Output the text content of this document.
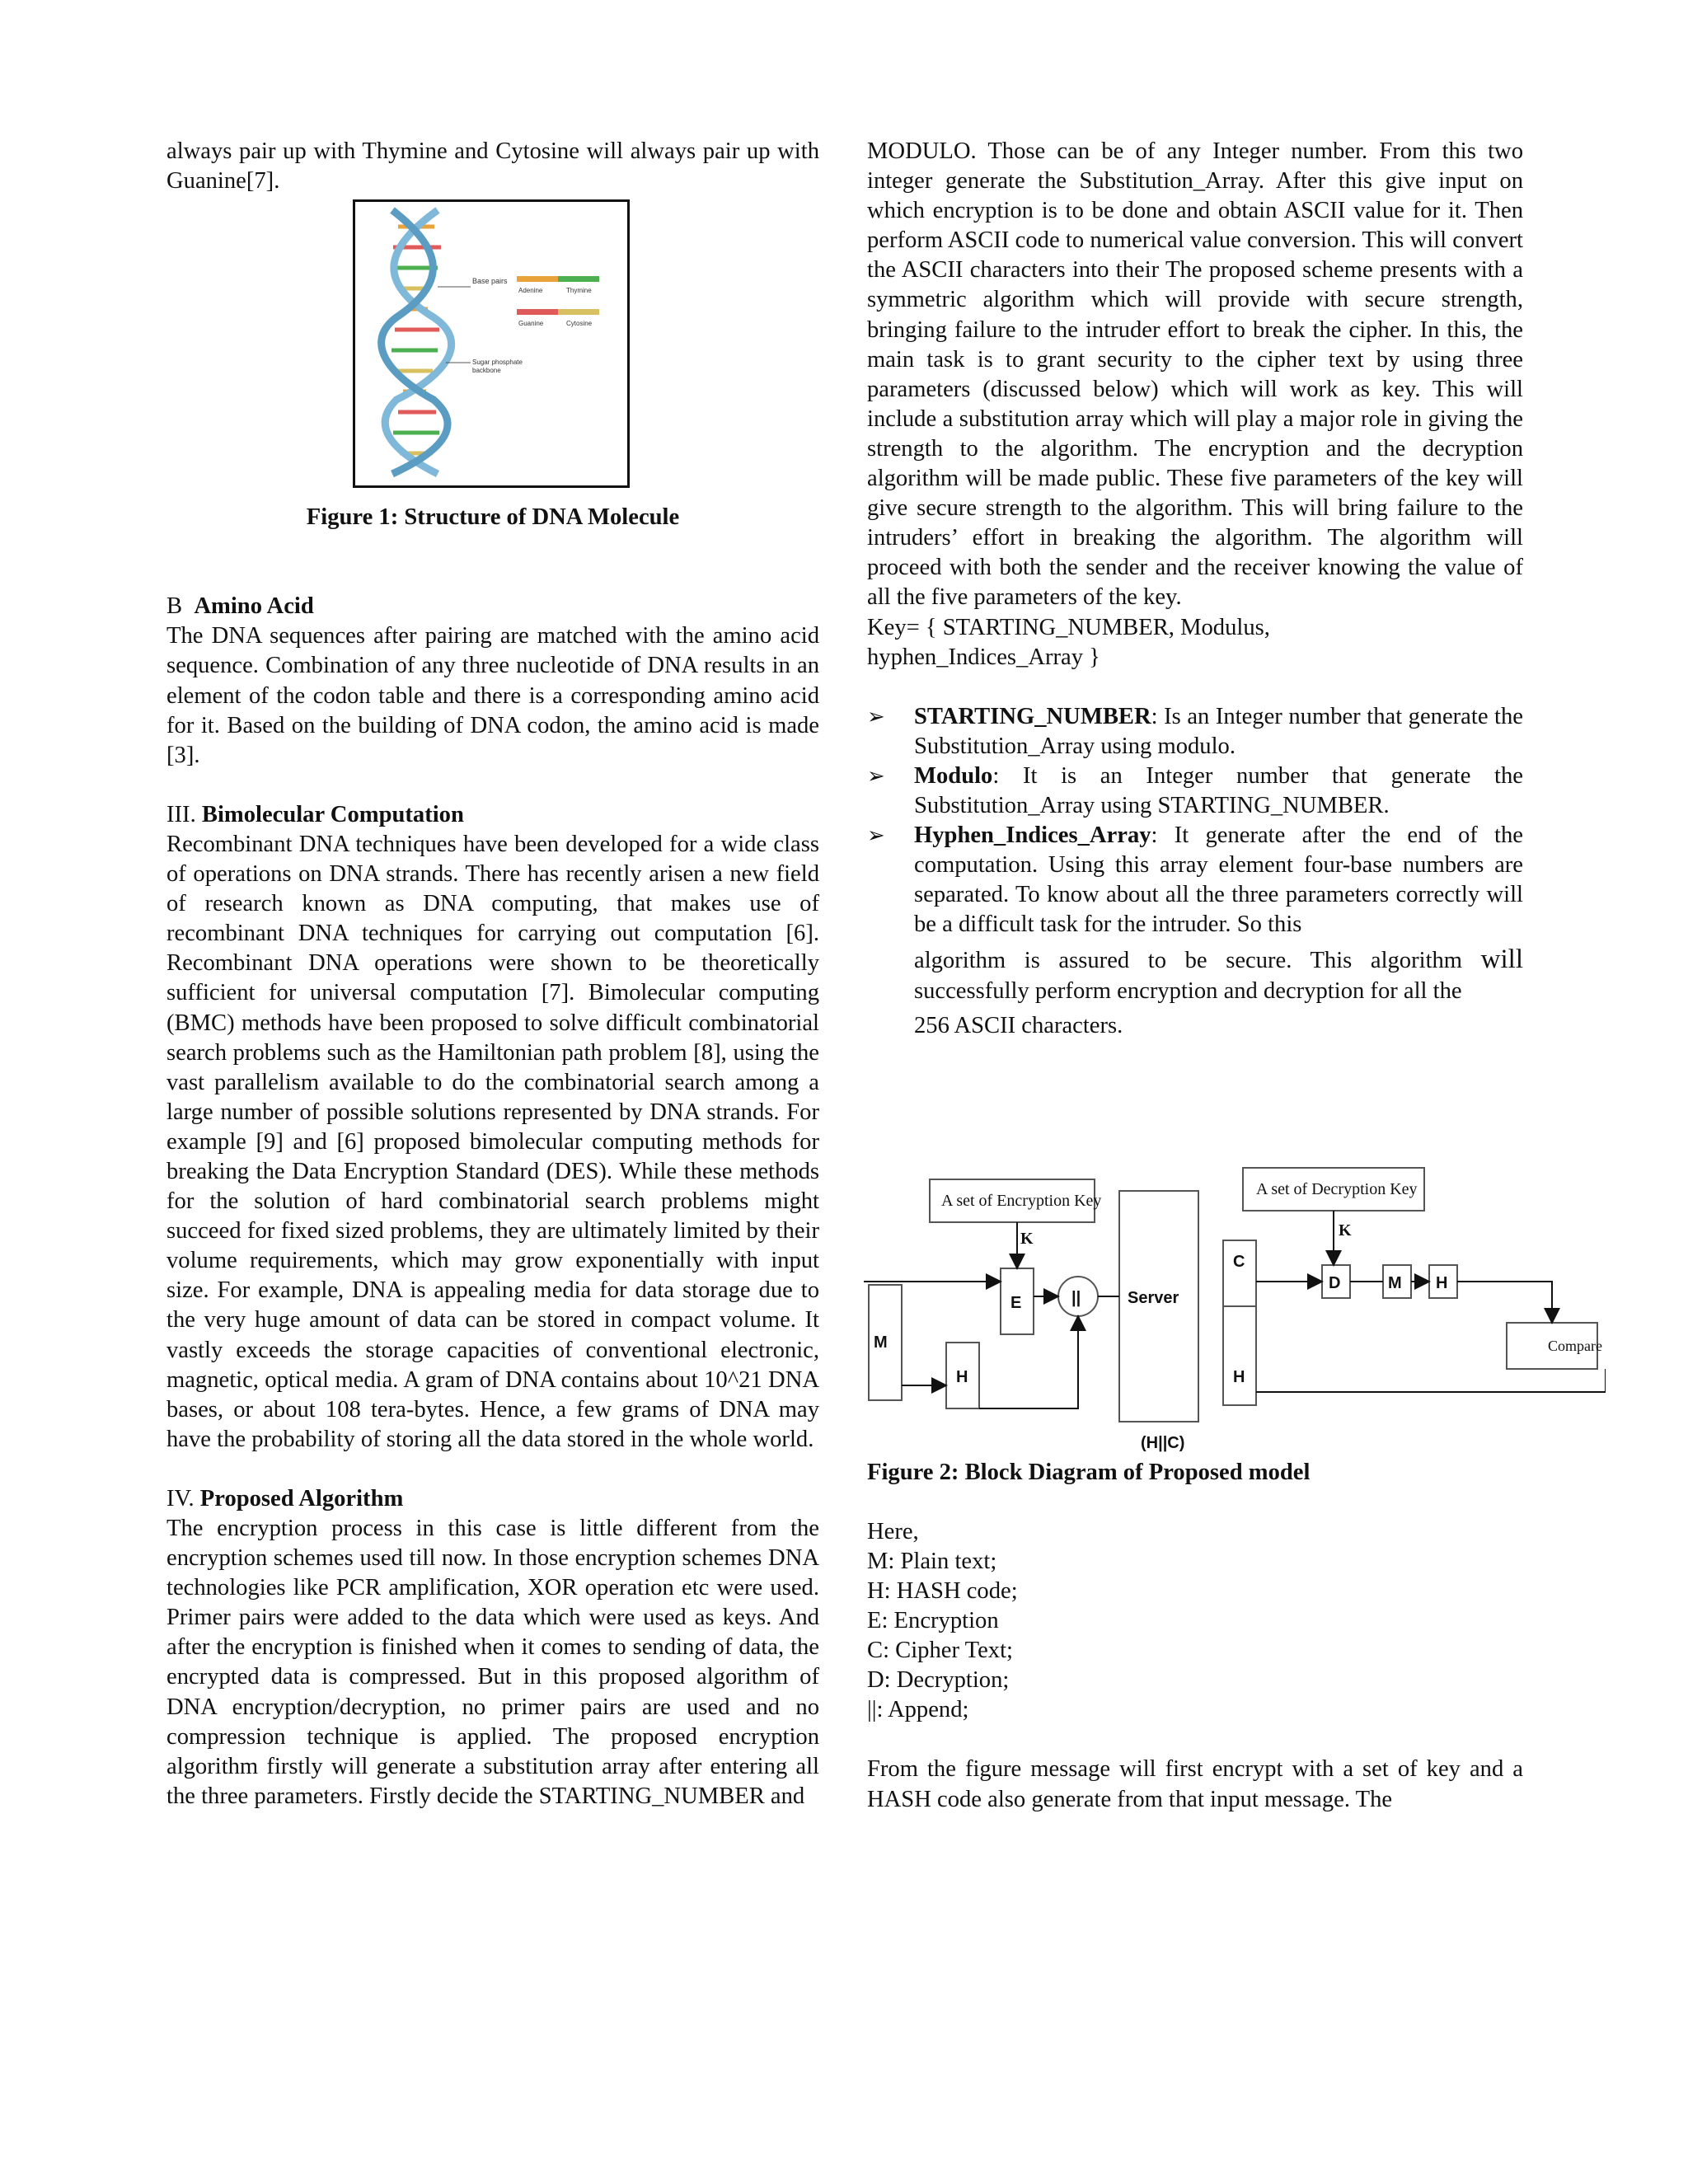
always pair up with Thymine and Cytosine will always pair up with Guanine[7].

Base pairs
Adenine	Thymine
Guanine	Cytosine
Sugar phosphate
backbone

Figure 1: Structure of DNA Molecule

B Amino Acid

The DNA sequences after pairing are matched with the amino acid sequence. Combination of any three nucleotide of DNA results in an element of the codon table and there is a corresponding amino acid for it. Based on the building of DNA codon, the amino acid is made [3].

III. Bimolecular Computation

Recombinant DNA techniques have been developed for a wide class of operations on DNA strands. There has recently arisen a new field of research known as DNA computing, that makes use of recombinant DNA techniques for carrying out computation [6]. Recombinant DNA operations were shown to be theoretically sufficient for universal computation [7]. Bimolecular computing (BMC) methods have been proposed to solve difficult combinatorial search problems such as the Hamiltonian path problem [8], using the vast parallelism available to do the combinatorial search among a large number of possible solutions represented by DNA strands. For example [9] and [6] proposed bimolecular computing methods for breaking the Data Encryption Standard (DES). While these methods for the solution of hard combinatorial search problems might succeed for fixed sized problems, they are ultimately limited by their volume requirements, which may grow exponentially with input size. For example, DNA is appealing media for data storage due to the very huge amount of data can be stored in compact volume. It vastly exceeds the storage capacities of conventional electronic, magnetic, optical media. A gram of DNA contains about 10^21 DNA bases, or about 108 tera-bytes. Hence, a few grams of DNA may have the probability of storing all the data stored in the whole world.

IV. Proposed Algorithm

The encryption process in this case is little different from the encryption schemes used till now. In those encryption schemes DNA technologies like PCR amplification, XOR operation etc were used. Primer pairs were added to the data which were used as keys. And after the encryption is finished when it comes to sending of data, the encrypted data is compressed. But in this proposed algorithm of DNA encryption/decryption, no primer pairs are used and no compression technique is applied. The proposed encryption algorithm firstly will generate a substitution array after entering all the three parameters. Firstly decide the STARTING_NUMBER and

MODULO. Those can be of any Integer number. From this two integer generate the Substitution_Array. After this give input on which encryption is to be done and obtain ASCII value for it. Then perform ASCII code to numerical value conversion. This will convert the ASCII characters into their The proposed scheme presents with a symmetric algorithm which will provide with secure strength, bringing failure to the intruder effort to break the cipher. In this, the main task is to grant security to the cipher text by using three parameters (discussed below) which will work as key. This will include a substitution array which will play a major role in giving the strength to the algorithm. The encryption and the decryption algorithm will be made public. These five parameters of the key will give secure strength to the algorithm. This will bring failure to the intruders’ effort in breaking the algorithm. The algorithm will proceed with both the sender and the receiver knowing the value of all the five parameters of the key.

Key= { STARTING_NUMBER, Modulus,

hyphen_Indices_Array }

➢ STARTING_NUMBER: Is an Integer number that generate the Substitution_Array using modulo.
➢ Modulo: It is an Integer number that generate the Substitution_Array using STARTING_NUMBER.
➢ Hyphen_Indices_Array: It generate after the end of the computation. Using this array element four-base numbers are separated. To know about all the three parameters correctly will be a difficult task for the intruder. So this
algorithm is assured to be secure. This algorithm will successfully perform encryption and decryption for all the
256 ASCII characters.
A set of Encryption Key
A set of Decryption Key
K	K
Compare
M
E
H
||	Server
C
H
D	M H
(H||C)

Figure 2: Block Diagram of Proposed model

Here,

M: Plain text;

H: HASH code;

E: Encryption

C: Cipher Text;

D: Decryption;

||: Append;

From the figure message will first encrypt with a set of key and a HASH code also generate from that input message. The
